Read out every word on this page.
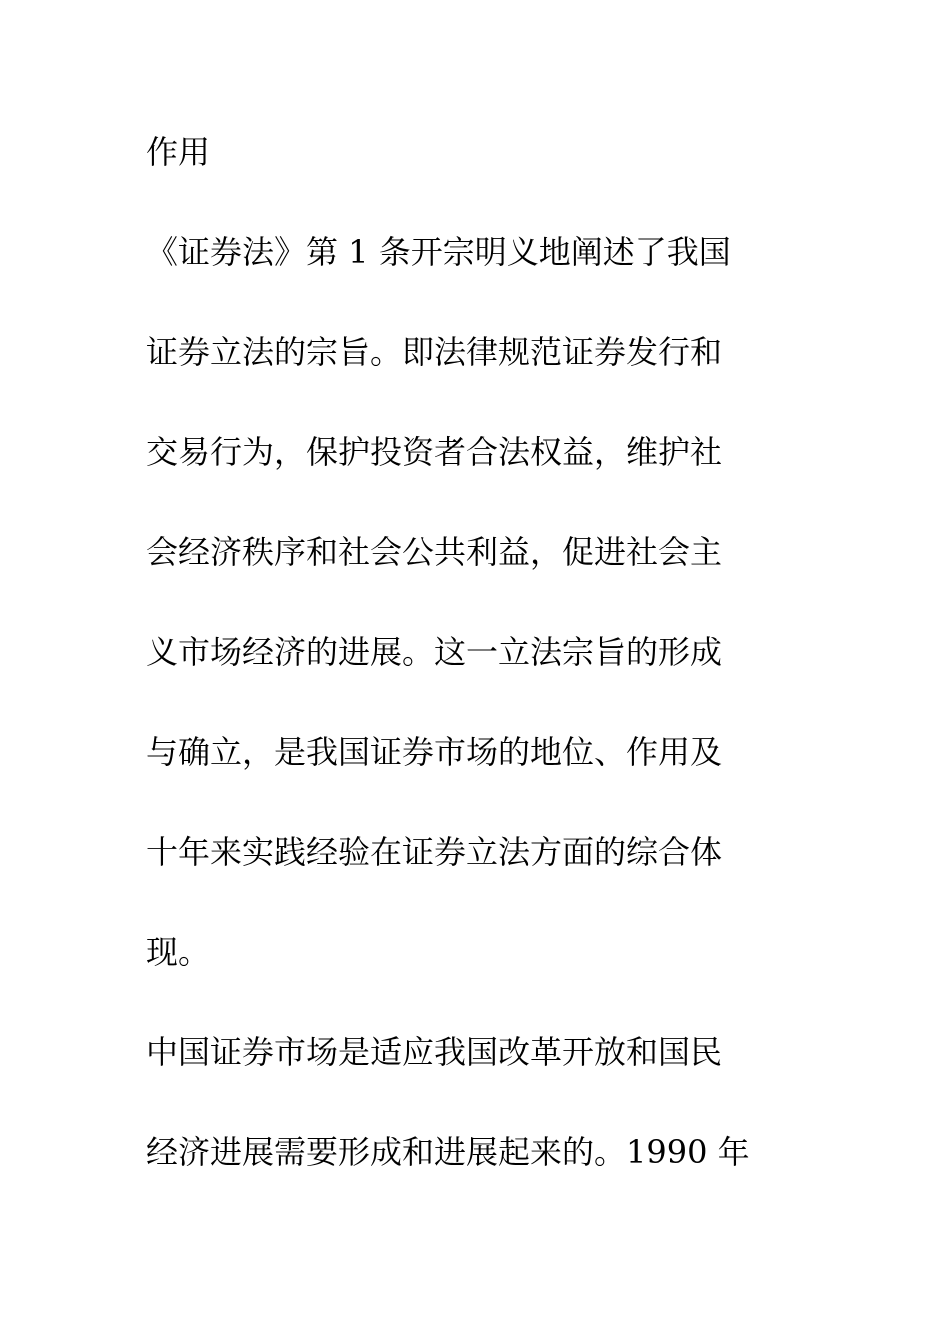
作用

《证券法》第 1 条开宗明义地阐述了我国

证券立法的宗旨。即法律规范证券发行和

交易行为，保护投资者合法权益，维护社

会经济秩序和社会公共利益，促进社会主

义市场经济的进展。这一立法宗旨的形成

与确立，是我国证券市场的地位、作用及

十年来实践经验在证券立法方面的综合体

现。

中国证券市场是适应我国改革开放和国民

经济进展需要形成和进展起来的。1990 年
